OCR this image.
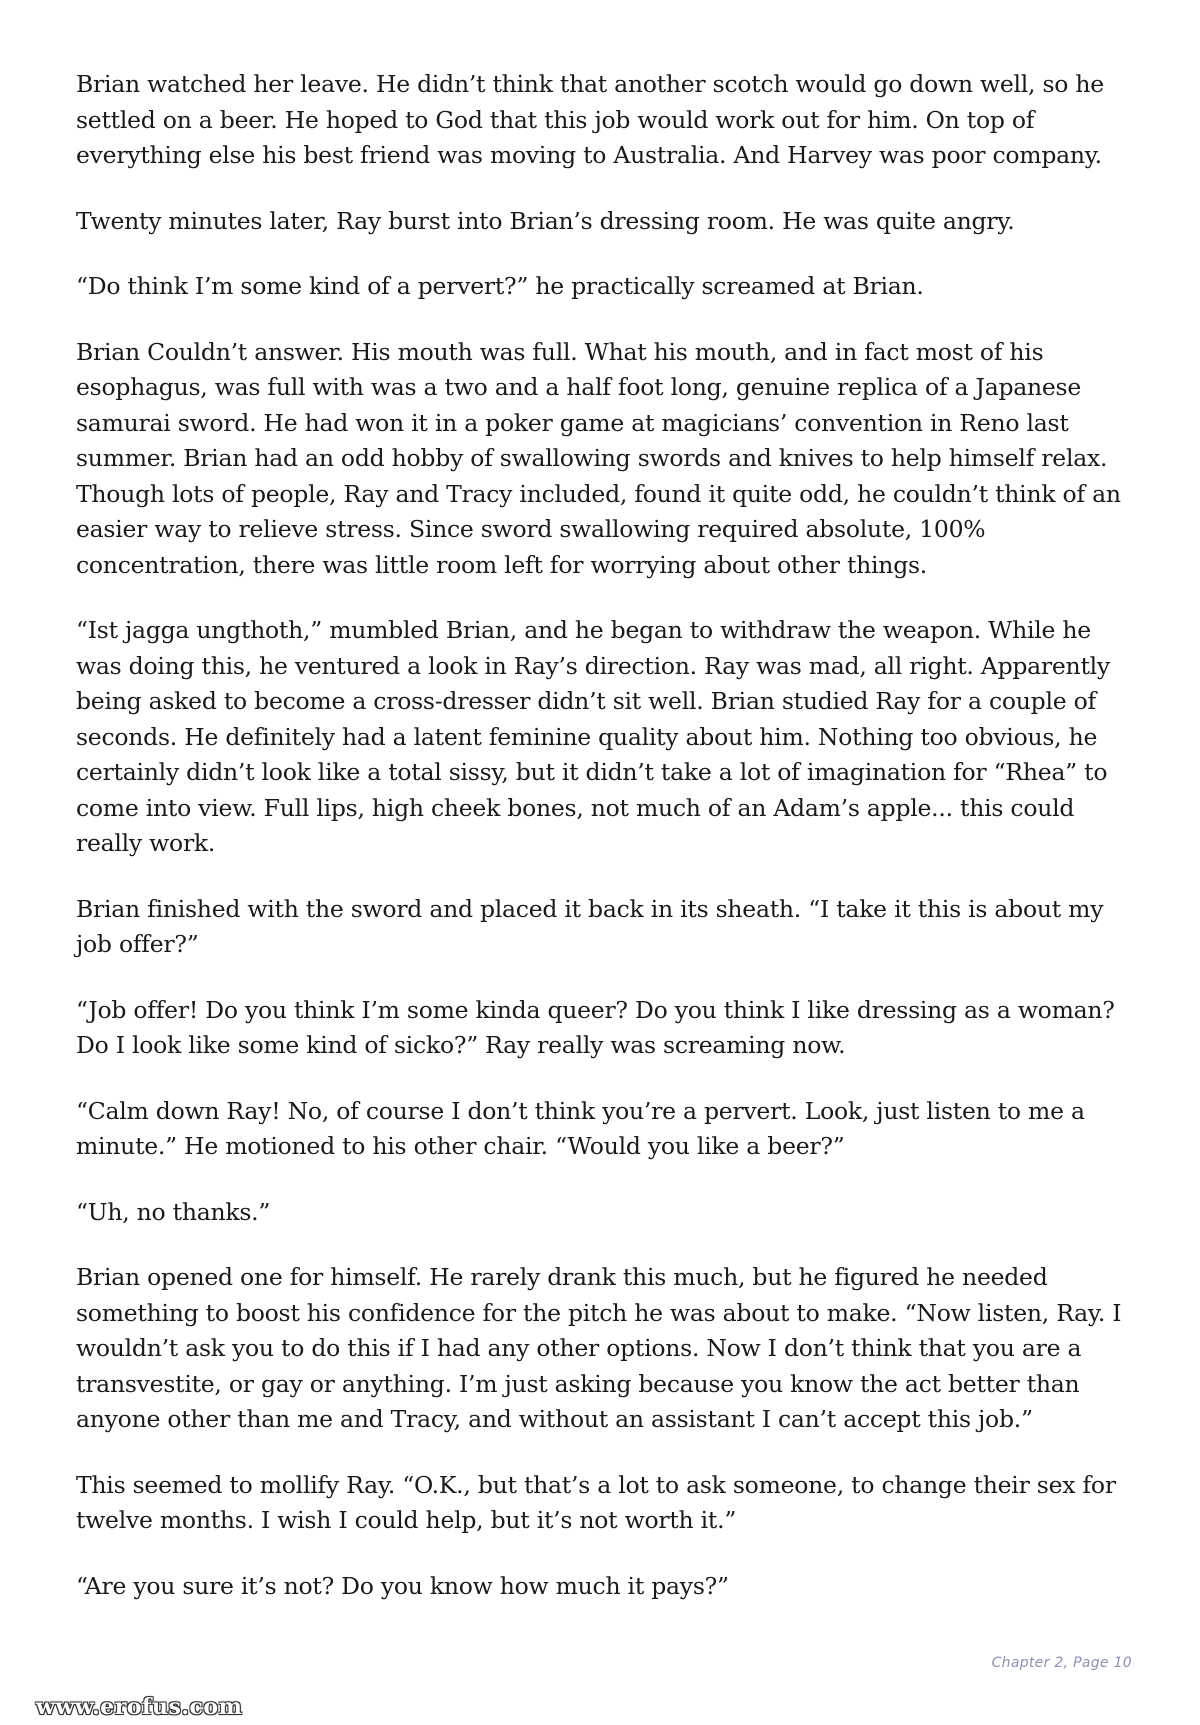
Brian watched her leave. He didn’t think that another scotch would go down well, so he settled on a beer. He hoped to God that this job would work out for him. On top of everything else his best friend was moving to Australia. And Harvey was poor company.

Twenty minutes later, Ray burst into Brian’s dressing room. He was quite angry.

“Do think I’m some kind of a pervert?” he practically screamed at Brian.

Brian Couldn’t answer. His mouth was full. What his mouth, and in fact most of his esophagus, was full with was a two and a half foot long, genuine replica of a Japanese samurai sword. He had won it in a poker game at magicians’ convention in Reno last summer. Brian had an odd hobby of swallowing swords and knives to help himself relax. Though lots of people, Ray and Tracy included, found it quite odd, he couldn’t think of an easier way to relieve stress. Since sword swallowing required absolute, 100% concentration, there was little room left for worrying about other things.

“Ist jagga ungthoth,” mumbled Brian, and he began to withdraw the weapon. While he was doing this, he ventured a look in Ray’s direction. Ray was mad, all right. Apparently being asked to become a cross-dresser didn’t sit well. Brian studied Ray for a couple of seconds. He definitely had a latent feminine quality about him. Nothing too obvious, he certainly didn’t look like a total sissy, but it didn’t take a lot of imagination for “Rhea” to come into view. Full lips, high cheek bones, not much of an Adam’s apple... this could really work.

Brian finished with the sword and placed it back in its sheath. “I take it this is about my job offer?”

“Job offer! Do you think I’m some kinda queer? Do you think I like dressing as a woman? Do I look like some kind of sicko?” Ray really was screaming now.

“Calm down Ray! No, of course I don’t think you’re a pervert. Look, just listen to me a minute.” He motioned to his other chair. “Would you like a beer?”

“Uh, no thanks.”

Brian opened one for himself. He rarely drank this much, but he figured he needed something to boost his confidence for the pitch he was about to make. “Now listen, Ray. I wouldn’t ask you to do this if I had any other options. Now I don’t think that you are a transvestite, or gay or anything. I’m just asking because you know the act better than anyone other than me and Tracy, and without an assistant I can’t accept this job.”

This seemed to mollify Ray. “O.K., but that’s a lot to ask someone, to change their sex for twelve months. I wish I could help, but it’s not worth it.”

“Are you sure it’s not? Do you know how much it pays?”

Chapter 2, Page 10
www.erofus.com
